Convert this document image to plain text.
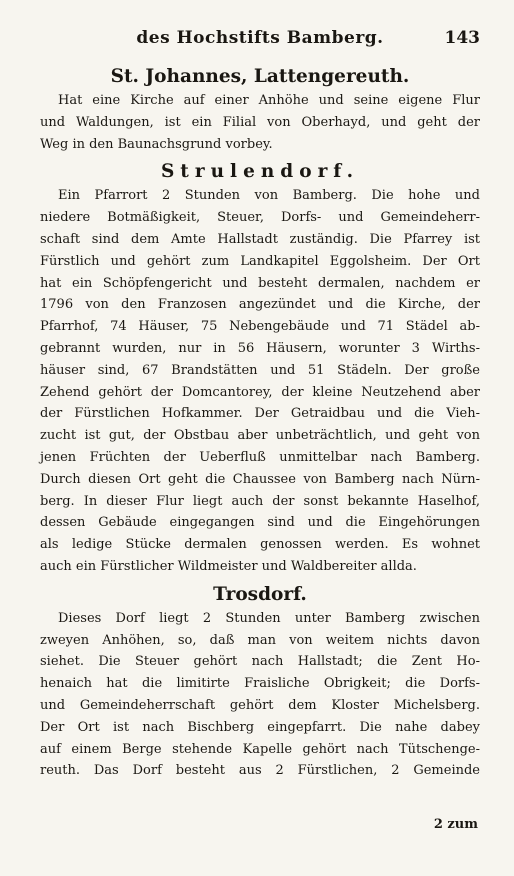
des Hochstifts Bamberg.	143
St. Johannes, Lattengereuth.
Hat eine Kirche auf einer Anhöhe und seine eigene Flur
und Waldungen, ist ein Filial von Oberhayd, und geht der
Weg in den Baunachsgrund vorbey.
Strulendorf.
Ein Pfarrort 2 Stunden von Bamberg. Die hohe und
niedere Botmäßigkeit, Steuer, Dorfs- und Gemeindeherr-
schaft sind dem Amte Hallstadt zuständig. Die Pfarrey ist
Fürstlich und gehört zum Landkapitel Eggolsheim. Der Ort
hat ein Schöpfengericht und besteht dermalen, nachdem er
1796 von den Franzosen angezündet und die Kirche, der
Pfarrhof, 74 Häuser, 75 Nebengebäude und 71 Städel ab-
gebrannt wurden, nur in 56 Häusern, worunter 3 Wirths-
häuser sind, 67 Brandstätten und 51 Städeln. Der große
Zehend gehört der Domcantorey, der kleine Neutzehend aber
der Fürstlichen Hofkammer. Der Getraidbau und die Vieh-
zucht ist gut, der Obstbau aber unbeträchtlich, und geht von
jenen Früchten der Ueberfluß unmittelbar nach Bamberg.
Durch diesen Ort geht die Chaussee von Bamberg nach Nürn-
berg. In dieser Flur liegt auch der sonst bekannte Haselhof,
dessen Gebäude eingegangen sind und die Eingehörungen
als ledige Stücke dermalen genossen werden. Es wohnet
auch ein Fürstlicher Wildmeister und Waldbereiter allda.
Trosdorf.
Dieses Dorf liegt 2 Stunden unter Bamberg zwischen
zweyen Anhöhen, so, daß man von weitem nichts davon
siehet. Die Steuer gehört nach Hallstadt; die Zent Ho-
henaich hat die limitirte Fraisliche Obrigkeit; die Dorfs-
und Gemeindeherrschaft gehört dem Kloster Michelsberg.
Der Ort ist nach Bischberg eingepfarrt. Die nahe dabey
auf einem Berge stehende Kapelle gehört nach Tütschenge-
reuth. Das Dorf besteht aus 2 Fürstlichen, 2 Gemeinde
2 zum
